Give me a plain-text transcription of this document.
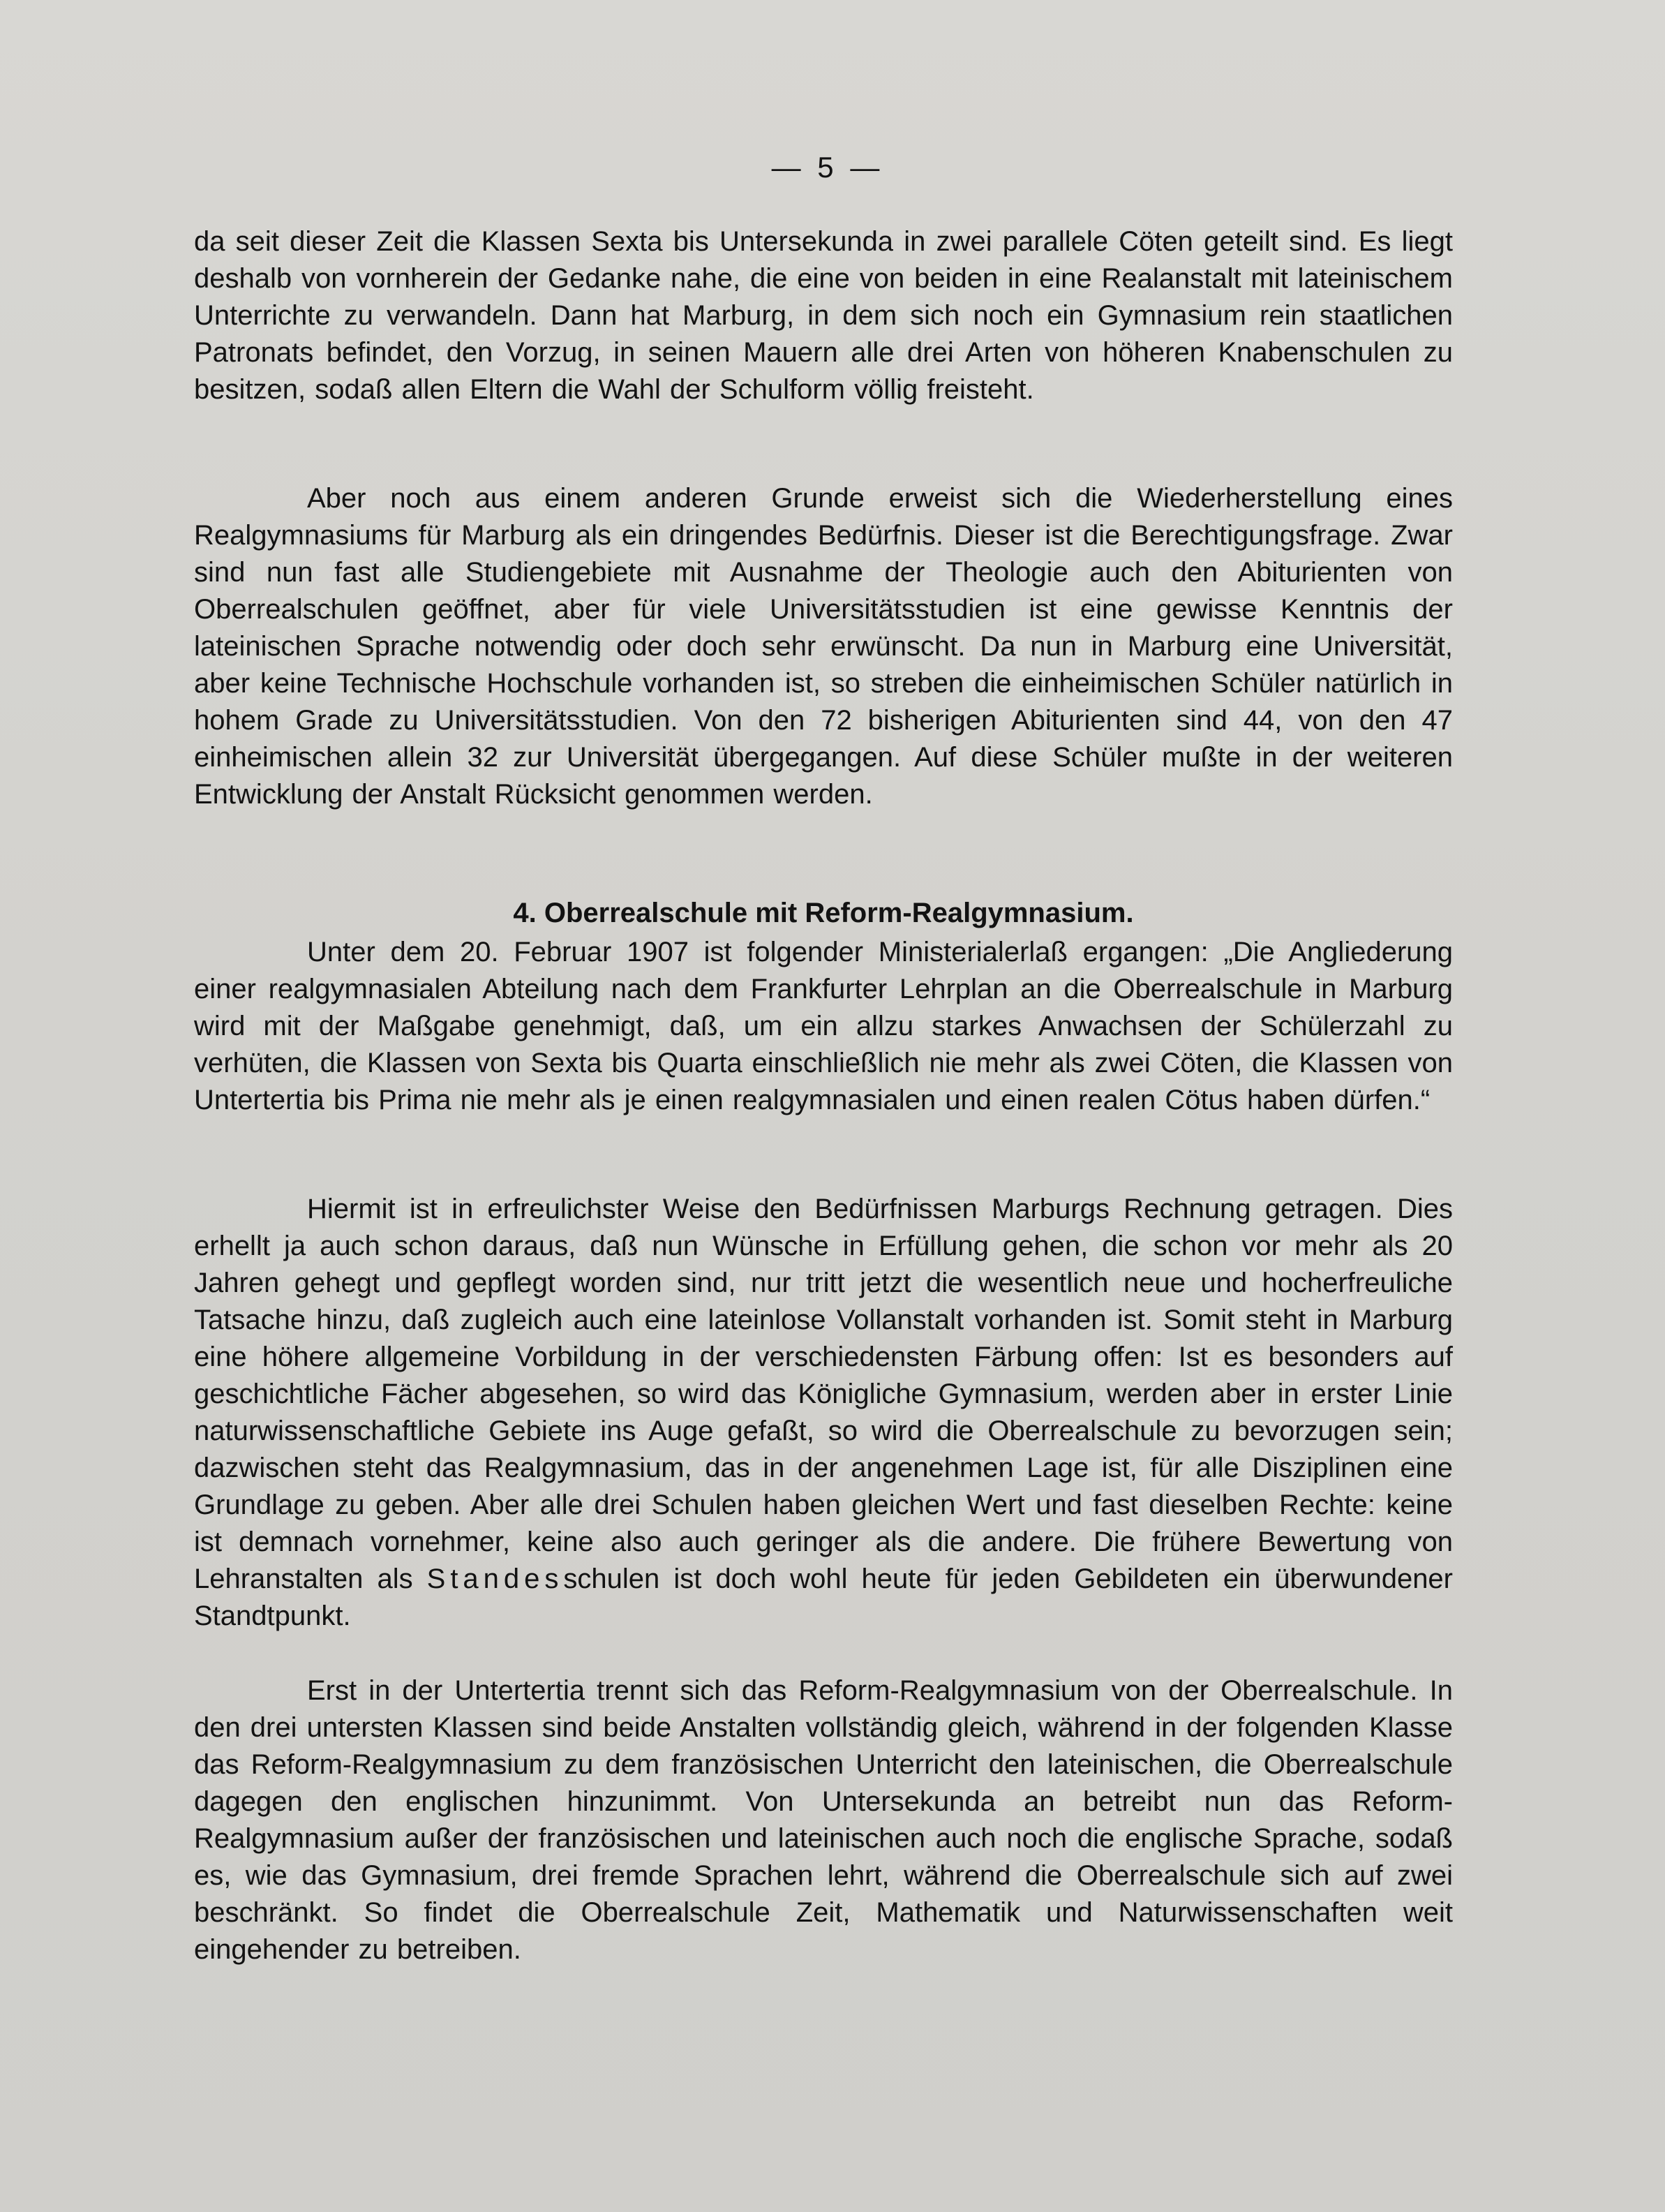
— 5 —

da seit dieser Zeit die Klassen Sexta bis Untersekunda in zwei parallele Cöten geteilt sind. Es liegt deshalb von vornherein der Gedanke nahe, die eine von beiden in eine Realanstalt mit lateinischem Unterrichte zu verwandeln. Dann hat Marburg, in dem sich noch ein Gymnasium rein staatlichen Patronats befindet, den Vorzug, in seinen Mauern alle drei Arten von höheren Knabenschulen zu besitzen, sodaß allen Eltern die Wahl der Schulform völlig freisteht.

Aber noch aus einem anderen Grunde erweist sich die Wiederherstellung eines Realgymnasiums für Marburg als ein dringendes Bedürfnis. Dieser ist die Berechtigungsfrage. Zwar sind nun fast alle Studiengebiete mit Ausnahme der Theologie auch den Abiturienten von Oberrealschulen geöffnet, aber für viele Universitätsstudien ist eine gewisse Kenntnis der lateinischen Sprache notwendig oder doch sehr erwünscht. Da nun in Marburg eine Universität, aber keine Technische Hochschule vorhanden ist, so streben die einheimischen Schüler natürlich in hohem Grade zu Universitätsstudien. Von den 72 bisherigen Abiturienten sind 44, von den 47 einheimischen allein 32 zur Universität übergegangen. Auf diese Schüler mußte in der weiteren Entwicklung der Anstalt Rücksicht genommen werden.

4. Oberrealschule mit Reform-Realgymnasium.

Unter dem 20. Februar 1907 ist folgender Ministerialerlaß ergangen: „Die Angliederung einer realgymnasialen Abteilung nach dem Frankfurter Lehrplan an die Oberrealschule in Marburg wird mit der Maßgabe genehmigt, daß, um ein allzu starkes Anwachsen der Schülerzahl zu verhüten, die Klassen von Sexta bis Quarta einschließlich nie mehr als zwei Cöten, die Klassen von Untertertia bis Prima nie mehr als je einen realgymnasialen und einen realen Cötus haben dürfen.“

Hiermit ist in erfreulichster Weise den Bedürfnissen Marburgs Rechnung getragen. Dies erhellt ja auch schon daraus, daß nun Wünsche in Erfüllung gehen, die schon vor mehr als 20 Jahren gehegt und gepflegt worden sind, nur tritt jetzt die wesentlich neue und hocherfreuliche Tatsache hinzu, daß zugleich auch eine lateinlose Vollanstalt vorhanden ist. Somit steht in Marburg eine höhere allgemeine Vorbildung in der verschiedensten Färbung offen: Ist es besonders auf geschichtliche Fächer abgesehen, so wird das Königliche Gymnasium, werden aber in erster Linie naturwissenschaftliche Gebiete ins Auge gefaßt, so wird die Oberrealschule zu bevorzugen sein; dazwischen steht das Realgymnasium, das in der angenehmen Lage ist, für alle Disziplinen eine Grundlage zu geben. Aber alle drei Schulen haben gleichen Wert und fast dieselben Rechte: keine ist demnach vornehmer, keine also auch geringer als die andere. Die frühere Bewertung von Lehranstalten als Standesschulen ist doch wohl heute für jeden Gebildeten ein überwundener Standtpunkt.

Erst in der Untertertia trennt sich das Reform-Realgymnasium von der Oberrealschule. In den drei untersten Klassen sind beide Anstalten vollständig gleich, während in der folgenden Klasse das Reform-Realgymnasium zu dem französischen Unterricht den lateinischen, die Oberrealschule dagegen den englischen hinzunimmt. Von Untersekunda an betreibt nun das Reform-Realgymnasium außer der französischen und lateinischen auch noch die englische Sprache, sodaß es, wie das Gymnasium, drei fremde Sprachen lehrt, während die Oberrealschule sich auf zwei beschränkt. So findet die Oberrealschule Zeit, Mathematik und Naturwissenschaften weit eingehender zu betreiben.
